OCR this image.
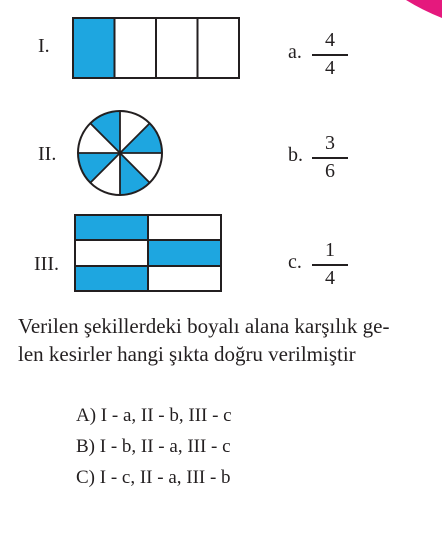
I.	a.
4
4
II.	b.
3
6
III.	c.
1
4
Verilen şekillerdeki boyalı alana karşılık ge-
len kesirler hangi şıkta doğru verilmiştir
A) I - a, II - b, III - c
B) I - b, II - a, III - c
C) I - c, II - a, III - b
